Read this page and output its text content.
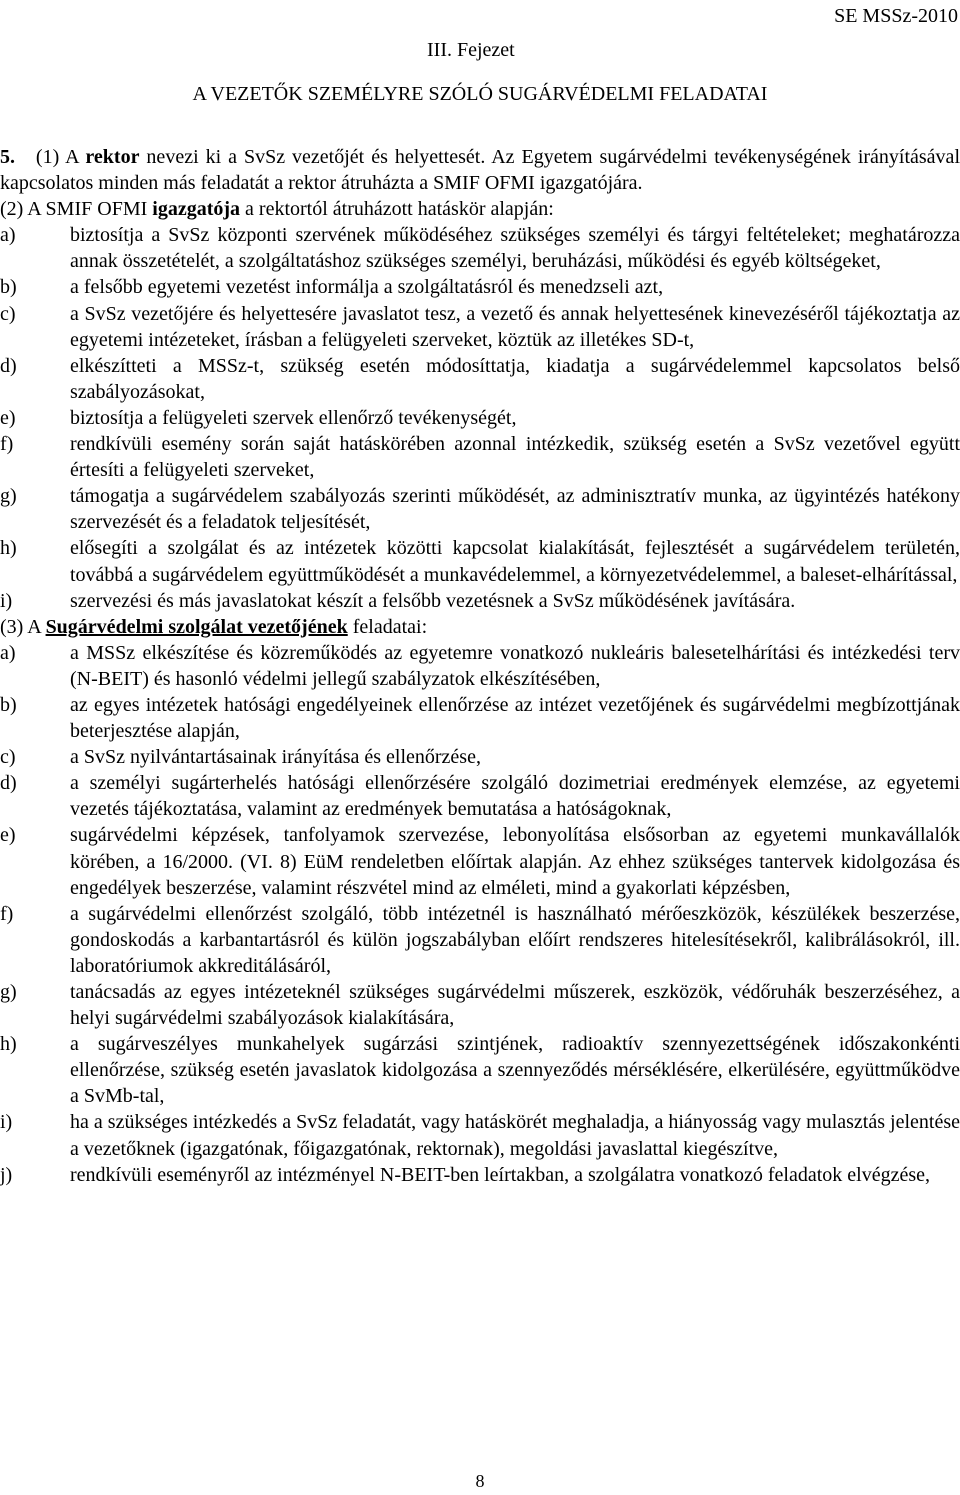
SE MSSz-2010
III. Fejezet
A VEZETŐK SZEMÉLYRE SZÓLÓ SUGÁRVÉDELMI FELADATAI

5. (1) A rektor nevezi ki a SvSz vezetőjét és helyettesét. Az Egyetem sugárvédelmi tevékenységének irányításával kapcsolatos minden más feladatát a rektor átruházta a SMIF OFMI igazgatójára.

(2) A SMIF OFMI igazgatója a rektortól átruházott hatáskör alapján:

a)	biztosítja a SvSz központi szervének működéséhez szükséges személyi és tárgyi feltételeket; meghatározza annak összetételét, a szolgáltatáshoz szükséges személyi, beruházási, működési és egyéb költségeket,
b)	a felsőbb egyetemi vezetést informálja a szolgáltatásról és menedzseli azt,
c)	a SvSz vezetőjére és helyettesére javaslatot tesz, a vezető és annak helyettesének kinevezéséről tájékoztatja az egyetemi intézeteket, írásban a felügyeleti szerveket, köztük az illetékes SD-t,
d)	elkészítteti a MSSz-t, szükség esetén módosíttatja, kiadatja a sugárvédelemmel kapcsolatos belső szabályozásokat,
e)	biztosítja a felügyeleti szervek ellenőrző tevékenységét,
f)	rendkívüli esemény során saját hatáskörében azonnal intézkedik, szükség esetén a SvSz vezetővel együtt értesíti a felügyeleti szerveket,
g)	támogatja a sugárvédelem szabályozás szerinti működését, az adminisztratív munka, az ügyintézés hatékony szervezését és a feladatok teljesítését,
h)	elősegíti a szolgálat és az intézetek közötti kapcsolat kialakítását, fejlesztését a sugárvédelem területén, továbbá a sugárvédelem együttműködését a munkavédelemmel, a környezetvédelemmel, a baleset-elhárítással,
i)	szervezési és más javaslatokat készít a felsőbb vezetésnek a SvSz működésének javítására.

(3) A Sugárvédelmi szolgálat vezetőjének feladatai:

a)	a MSSz elkészítése és közreműködés az egyetemre vonatkozó nukleáris balesetelhárítási és intézkedési terv (N-BEIT) és hasonló védelmi jellegű szabályzatok elkészítésében,
b)	az egyes intézetek hatósági engedélyeinek ellenőrzése az intézet vezetőjének és sugárvédelmi megbízottjának beterjesztése alapján,
c)	a SvSz nyilvántartásainak irányítása és ellenőrzése,
d)	a személyi sugárterhelés hatósági ellenőrzésére szolgáló dozimetriai eredmények elemzése, az egyetemi vezetés tájékoztatása, valamint az eredmények bemutatása a hatóságoknak,
e)	sugárvédelmi képzések, tanfolyamok szervezése, lebonyolítása elsősorban az egyetemi munkavállalók körében, a 16/2000. (VI. 8) EüM rendeletben előírtak alapján. Az ehhez szükséges tantervek kidolgozása és engedélyek beszerzése, valamint részvétel mind az elméleti, mind a gyakorlati képzésben,
f)	a sugárvédelmi ellenőrzést szolgáló, több intézetnél is használható mérőeszközök, készülékek beszerzése, gondoskodás a karbantartásról és külön jogszabályban előírt rendszeres hitelesítésekről, kalibrálásokról, ill. laboratóriumok akkreditálásáról,
g)	tanácsadás az egyes intézeteknél szükséges sugárvédelmi műszerek, eszközök, védőruhák beszerzéséhez, a helyi sugárvédelmi szabályozások kialakítására,
h)	a sugárveszélyes munkahelyek sugárzási szintjének, radioaktív szennyezettségének időszakonkénti ellenőrzése, szükség esetén javaslatok kidolgozása a szennyeződés mérséklésére, elkerülésére, együttműködve a SvMb-tal,
i)	ha a szükséges intézkedés a SvSz feladatát, vagy hatáskörét meghaladja, a hiányosság vagy mulasztás jelentése a vezetőknek (igazgatónak, főigazgatónak, rektornak), megoldási javaslattal kiegészítve,
j)	rendkívüli eseményről az intézményel N-BEIT-ben leírtakban, a szolgálatra vonatkozó feladatok elvégzése,
8
